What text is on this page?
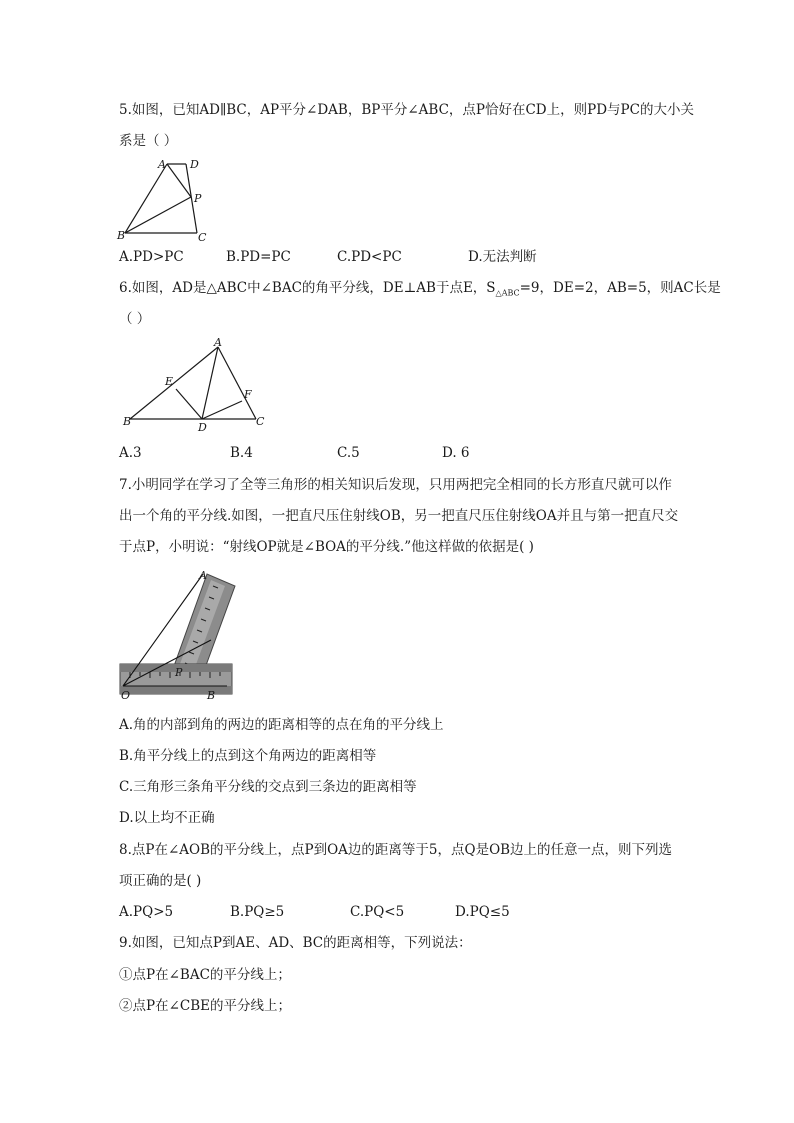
5.如图，已知AD∥BC，AP平分∠DAB，BP平分∠ABC，点P恰好在CD上，则PD与PC的大小关
系是（ ）
A D
P
B	C
A.PD>PC	B.PD=PC	C.PD<PC	D.无法判断
6.如图，AD是△ABC中∠BAC的角平分线，DE⊥AB于点E，$S_{\triangle ABC}=9$，DE=2，AB=5，则AC长是
（ ）
A
E
F
B	D	C
A.3	B.4	C.5	D. 6
7.小明同学在学习了全等三角形的相关知识后发现，只用两把完全相同的长方形直尺就可以作
出一个角的平分线.如图，一把直尺压住射线OB，另一把直尺压住射线OA并且与第一把直尺交
于点P，小明说：“射线OP就是∠BOA的平分线.”他这样做的依据是( )
A
P
O	B
A.角的内部到角的两边的距离相等的点在角的平分线上
B.角平分线上的点到这个角两边的距离相等
C.三角形三条角平分线的交点到三条边的距离相等
D.以上均不正确
8.点P在∠AOB的平分线上，点P到OA边的距离等于5，点Q是OB边上的任意一点，则下列选
项正确的是( )
A.PQ>5	B.PQ≥5	C.PQ<5	D.PQ≤5
9.如图，已知点P到AE、AD、BC的距离相等，下列说法：
①点P在∠BAC的平分线上；
②点P在∠CBE的平分线上；
